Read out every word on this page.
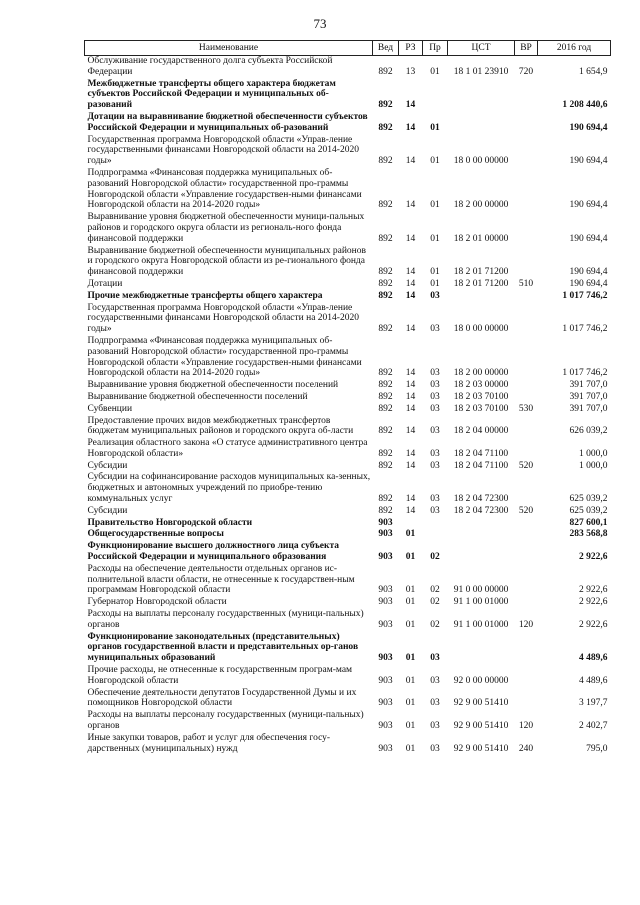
73
Наименование	Вед	РЗ	Пр	ЦСТ	ВР	2016 год
Обслуживание государственного долга субъекта Российской Федерации	892	13	01	18 1 01 23910	720	1 654,9
Межбюджетные трансферты общего характера бюджетам субъектов Российской Федерации и муниципальных об-разований	892	14				1 208 440,6
Дотации на выравнивание бюджетной обеспеченности субъектов Российской Федерации и муниципальных об-разований	892	14	01			190 694,4
Государственная программа Новгородской области «Управ-ление государственными финансами Новгородской области на 2014-2020 годы»	892	14	01	18 0 00 00000		190 694,4
Подпрограмма «Финансовая поддержка муниципальных об-разований Новгородской области» государственной про-граммы Новгородской области «Управление государствен-ными финансами Новгородской области на 2014-2020 годы»	892	14	01	18 2 00 00000		190 694,4
Выравнивание уровня бюджетной обеспеченности муници-пальных районов и городского округа области из региональ-ного фонда финансовой поддержки	892	14	01	18 2 01 00000		190 694,4
Выравнивание бюджетной обеспеченности муниципальных районов и городского округа Новгородской области из ре-гионального фонда финансовой поддержки	892	14	01	18 2 01 71200		190 694,4
Дотации	892	14	01	18 2 01 71200	510	190 694,4
Прочие межбюджетные трансферты общего характера	892	14	03			1 017 746,2
Государственная программа Новгородской области «Управ-ление государственными финансами Новгородской области на 2014-2020 годы»	892	14	03	18 0 00 00000		1 017 746,2
Подпрограмма «Финансовая поддержка муниципальных об-разований Новгородской области» государственной про-граммы Новгородской области «Управление государствен-ными финансами Новгородской области на 2014-2020 годы»	892	14	03	18 2 00 00000		1 017 746,2
Выравнивание уровня бюджетной обеспеченности поселений	892	14	03	18 2 03 00000		391 707,0
Выравнивание бюджетной обеспеченности поселений	892	14	03	18 2 03 70100		391 707,0
Субвенции	892	14	03	18 2 03 70100	530	391 707,0
Предоставление прочих видов межбюджетных трансфертов бюджетам муниципальных районов и городского округа об-ласти	892	14	03	18 2 04 00000		626 039,2
Реализация областного закона «О статусе административного центра Новгородской области»	892	14	03	18 2 04 71100		1 000,0
Субсидии	892	14	03	18 2 04 71100	520	1 000,0
Субсидии на софинансирование расходов муниципальных ка-зенных, бюджетных и автономных учреждений по приобре-тению коммунальных услуг	892	14	03	18 2 04 72300		625 039,2
Субсидии	892	14	03	18 2 04 72300	520	625 039,2
Правительство Новгородской области	903					827 600,1
Общегосударственные вопросы	903	01				283 568,8
Функционирование высшего должностного лица субъекта Российской Федерации и муниципального образования	903	01	02			2 922,6
Расходы на обеспечение деятельности отдельных органов ис-полнительной власти области, не отнесенные к государствен-ным программам Новгородской области	903	01	02	91 0 00 00000		2 922,6
Губернатор Новгородской области	903	01	02	91 1 00 01000		2 922,6
Расходы на выплаты персоналу государственных (муници-пальных) органов	903	01	02	91 1 00 01000	120	2 922,6
Функционирование законодательных (представительных) органов государственной власти и представительных ор-ганов муниципальных образований	903	01	03			4 489,6
Прочие расходы, не отнесенные к государственным програм-мам Новгородской области	903	01	03	92 0 00 00000		4 489,6
Обеспечение деятельности депутатов Государственной Думы и их помощников Новгородской области	903	01	03	92 9 00 51410		3 197,7
Расходы на выплаты персоналу государственных (муници-пальных) органов	903	01	03	92 9 00 51410	120	2 402,7
Иные закупки товаров, работ и услуг для обеспечения госу-дарственных (муниципальных) нужд	903	01	03	92 9 00 51410	240	795,0
